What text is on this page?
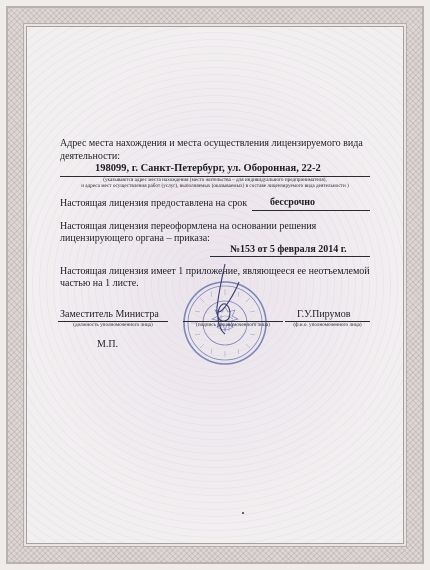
Адрес места нахождения и места осуществления лицензируемого вида
деятельности:
198099, г. Санкт-Петербург, ул. Оборонная, 22-2
(указываются адрес места нахождения (место жительства – для индивидуального предпринимателя),
и адреса мест осуществления работ (услуг), выполняемых (оказываемых) в составе лицензируемого вида деятельности )
Настоящая лицензия предоставлена на срок бессрочно
Настоящая лицензия переоформлена на основании решения
лицензирующего органа – приказа:
№153 от 5 февраля 2014 г.
Настоящая лицензия имеет 1 приложение, являющееся ее неотъемлемой
частью на 1 листе.
Заместитель Министра
(должность уполномоченного лица)	(подпись уполномоченного лица)
Г.У.Пирумов
(ф.и.о. уполномоченного лица)
М.П.
